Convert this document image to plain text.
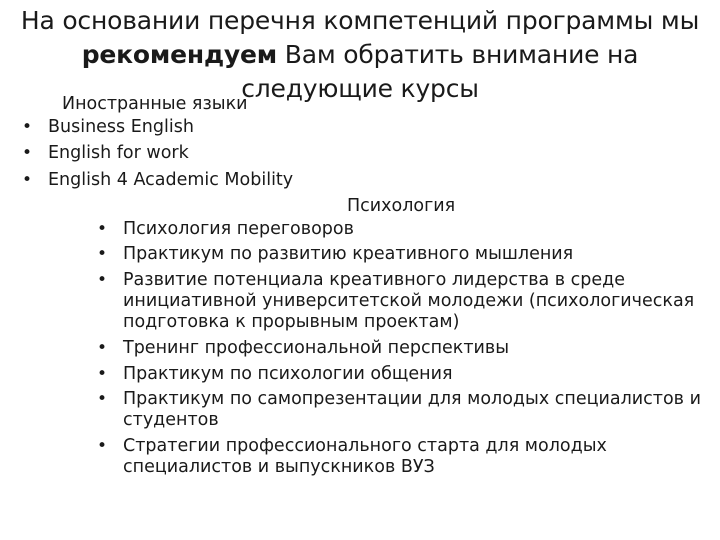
На основании перечня компетенций программы мы
рекомендуем Вам обратить внимание на
следующие курсы
Иностранные языки
• Business English
• English for work
• English 4 Academic Mobility
Психология
• Психология переговоров
• Практикум по развитию креативного мышления
• Развитие потенциала креативного лидерства в среде
инициативной университетской молодежи (психологическая
подготовка к прорывным проектам)
• Тренинг профессиональной перспективы
• Практикум по психологии общения
• Практикум по самопрезентации для молодых специалистов и
студентов
• Стратегии профессионального старта для молодых
специалистов и выпускников ВУЗ
